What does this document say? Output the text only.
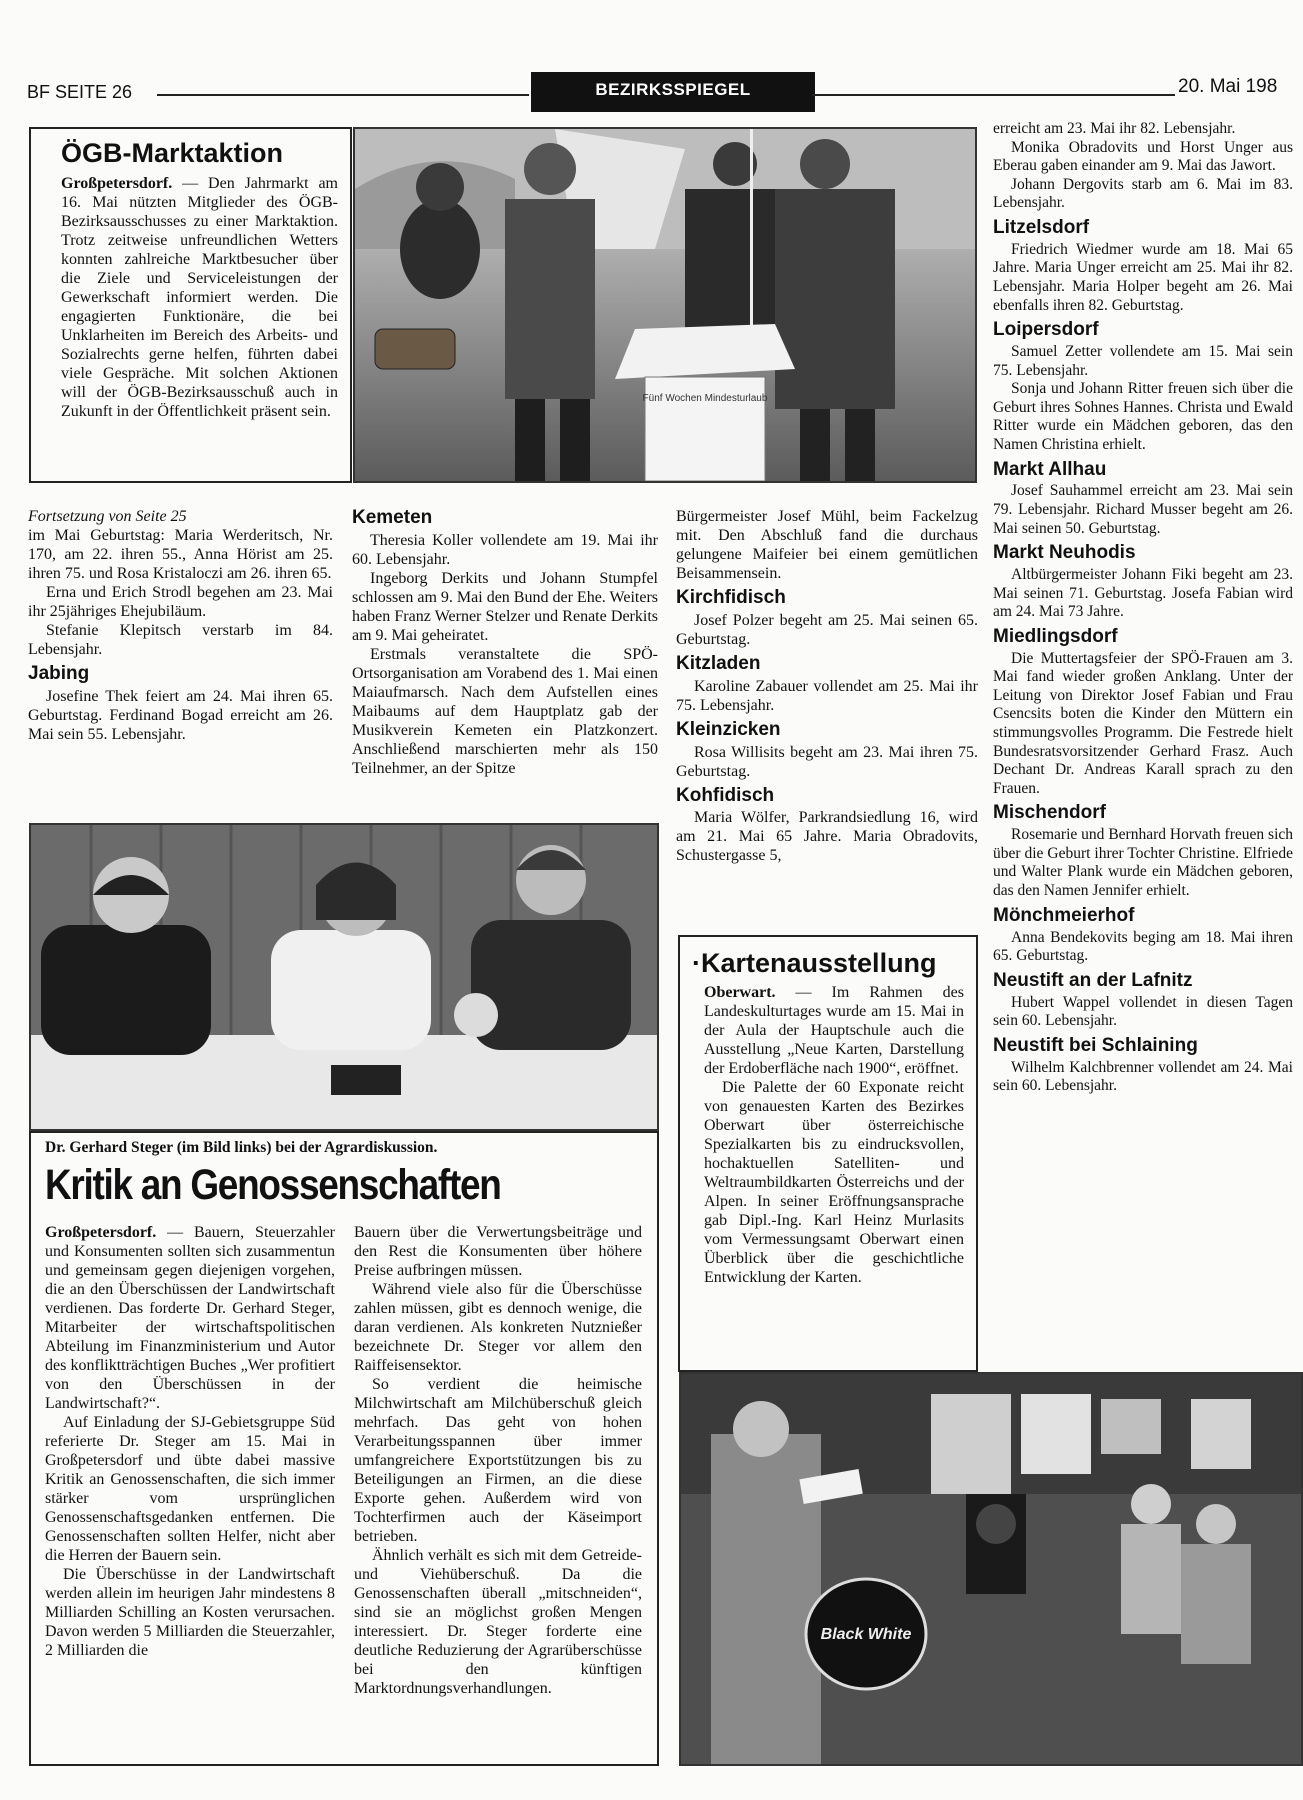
BF SEITE 26	BEZIRKSSPIEGEL	20. Mai 198
ÖGB-Marktaktion

Großpetersdorf. — Den Jahrmarkt am 16. Mai nützten Mitglieder des ÖGB-Bezirksausschusses zu einer Marktaktion. Trotz zeitweise unfreundlichen Wetters konnten zahlreiche Marktbesucher über die Ziele und Serviceleistungen der Gewerkschaft informiert werden. Die engagierten Funktionäre, die bei Unklarheiten im Bereich des Arbeits- und Sozialrechts gerne helfen, führten dabei viele Gespräche. Mit solchen Aktionen will der ÖGB-Bezirksausschuß auch in Zukunft in der Öffentlichkeit präsent sein.

Fünf Wochen Mindesturlaub

Fortsetzung von Seite 25

im Mai Geburtstag: Maria Werderitsch, Nr. 170, am 22. ihren 55., Anna Hörist am 25. ihren 75. und Rosa Kristaloczi am 26. ihren 65.

Erna und Erich Strodl begehen am 23. Mai ihr 25jähriges Ehejubiläum.

Stefanie Klepitsch verstarb im 84. Lebensjahr.

Jabing

Josefine Thek feiert am 24. Mai ihren 65. Geburtstag. Ferdinand Bogad erreicht am 26. Mai sein 55. Lebensjahr.

Kemeten

Theresia Koller vollendete am 19. Mai ihr 60. Lebensjahr.

Ingeborg Derkits und Johann Stumpfel schlossen am 9. Mai den Bund der Ehe. Weiters haben Franz Werner Stelzer und Renate Derkits am 9. Mai geheiratet.

Erstmals veranstaltete die SPÖ-Ortsorganisation am Vorabend des 1. Mai einen Maiaufmarsch. Nach dem Aufstellen eines Maibaums auf dem Hauptplatz gab der Musikverein Kemeten ein Platzkonzert. Anschließend marschierten mehr als 150 Teilnehmer, an der Spitze

Bürgermeister Josef Mühl, beim Fackelzug mit. Den Abschluß fand die durchaus gelungene Maifeier bei einem gemütlichen Beisammensein.

Kirchfidisch

Josef Polzer begeht am 25. Mai seinen 65. Geburtstag.

Kitzladen

Karoline Zabauer vollendet am 25. Mai ihr 75. Lebensjahr.

Kleinzicken

Rosa Willisits begeht am 23. Mai ihren 75. Geburtstag.

Kohfidisch

Maria Wölfer, Parkrandsiedlung 16, wird am 21. Mai 65 Jahre. Maria Obradovits, Schustergasse 5,

erreicht am 23. Mai ihr 82. Lebensjahr.

Monika Obradovits und Horst Unger aus Eberau gaben einander am 9. Mai das Jawort.

Johann Dergovits starb am 6. Mai im 83. Lebensjahr.

Litzelsdorf

Friedrich Wiedmer wurde am 18. Mai 65 Jahre. Maria Unger erreicht am 25. Mai ihr 82. Lebensjahr. Maria Holper begeht am 26. Mai ebenfalls ihren 82. Geburtstag.

Loipersdorf

Samuel Zetter vollendete am 15. Mai sein 75. Lebensjahr.

Sonja und Johann Ritter freuen sich über die Geburt ihres Sohnes Hannes. Christa und Ewald Ritter wurde ein Mädchen geboren, das den Namen Christina erhielt.

Markt Allhau

Josef Sauhammel erreicht am 23. Mai sein 79. Lebensjahr. Richard Musser begeht am 26. Mai seinen 50. Geburtstag.

Markt Neuhodis

Altbürgermeister Johann Fiki begeht am 23. Mai seinen 71. Geburtstag. Josefa Fabian wird am 24. Mai 73 Jahre.

Miedlingsdorf

Die Muttertagsfeier der SPÖ-Frauen am 3. Mai fand wieder großen Anklang. Unter der Leitung von Direktor Josef Fabian und Frau Csencsits boten die Kinder den Müttern ein stimmungsvolles Programm. Die Festrede hielt Bundesratsvorsitzender Gerhard Frasz. Auch Dechant Dr. Andreas Karall sprach zu den Frauen.

Mischendorf

Rosemarie und Bernhard Horvath freuen sich über die Geburt ihrer Tochter Christine. Elfriede und Walter Plank wurde ein Mädchen geboren, das den Namen Jennifer erhielt.

Mönchmeierhof

Anna Bendekovits beging am 18. Mai ihren 65. Geburtstag.

Neustift an der Lafnitz

Hubert Wappel vollendet in diesen Tagen sein 60. Lebensjahr.

Neustift bei Schlaining

Wilhelm Kalchbrenner vollendet am 24. Mai sein 60. Lebensjahr.

Dr. Gerhard Steger (im Bild links) bei der Agrardiskussion.
Kritik an Genossenschaften

Großpetersdorf. — Bauern, Steuerzahler und Konsumenten sollten sich zusammentun und gemeinsam gegen diejenigen vorgehen, die an den Überschüssen der Landwirtschaft verdienen. Das forderte Dr. Gerhard Steger, Mitarbeiter der wirtschaftspolitischen Abteilung im Finanzministerium und Autor des konfliktträchtigen Buches „Wer profitiert von den Überschüssen in der Landwirtschaft?“.

Auf Einladung der SJ-Gebietsgruppe Süd referierte Dr. Steger am 15. Mai in Großpetersdorf und übte dabei massive Kritik an Genossenschaften, die sich immer stärker vom ursprünglichen Genossenschaftsgedanken entfernen. Die Genossenschaften sollten Helfer, nicht aber die Herren der Bauern sein.

Die Überschüsse in der Landwirtschaft werden allein im heurigen Jahr mindestens 8 Milliarden Schilling an Kosten verursachen. Davon werden 5 Milliarden die Steuerzahler, 2 Milliarden die

Bauern über die Verwertungsbeiträge und den Rest die Konsumenten über höhere Preise aufbringen müssen.

Während viele also für die Überschüsse zahlen müssen, gibt es dennoch wenige, die daran verdienen. Als konkreten Nutznießer bezeichnete Dr. Steger vor allem den Raiffeisensektor.

So verdient die heimische Milchwirtschaft am Milchüberschuß gleich mehrfach. Das geht von hohen Verarbeitungsspannen über immer umfangreichere Exportstützungen bis zu Beteiligungen an Firmen, an die diese Exporte gehen. Außerdem wird von Tochterfirmen auch der Käseimport betrieben.

Ähnlich verhält es sich mit dem Getreide- und Viehüberschuß. Da die Genossenschaften überall „mitschneiden“, sind sie an möglichst großen Mengen interessiert. Dr. Steger forderte eine deutliche Reduzierung der Agrarüberschüsse bei den künftigen Marktordnungsverhandlungen.

·Kartenausstellung

Oberwart. — Im Rahmen des Landeskulturtages wurde am 15. Mai in der Aula der Hauptschule auch die Ausstellung „Neue Karten, Darstellung der Erdoberfläche nach 1900“, eröffnet.

Die Palette der 60 Exponate reicht von genauesten Karten des Bezirkes Oberwart über österreichische Spezialkarten bis zu eindrucksvollen, hochaktuellen Satelliten- und Weltraumbildkarten Österreichs und der Alpen. In seiner Eröffnungsansprache gab Dipl.-Ing. Karl Heinz Murlasits vom Vermessungsamt Oberwart einen Überblick über die geschichtliche Entwicklung der Karten.

Black White
